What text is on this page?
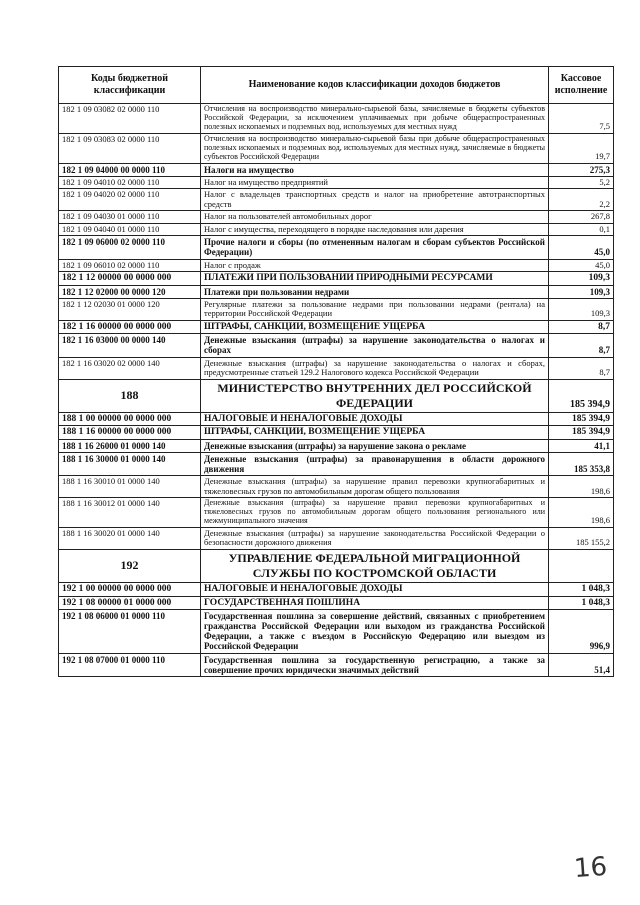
Коды бюджетной классификации	Наименование кодов классификации доходов бюджетов	Кассовое исполнение
182 1 09 03082 02 0000 110	Отчисления на воспроизводство минерально-сырьевой базы, зачисляемые в бюджеты субъектов Российской Федерации, за исключением уплачиваемых при добыче общераспространенных полезных ископаемых и подземных вод, используемых для местных нужд	7,5
182 1 09 03083 02 0000 110	Отчисления на воспроизводство минерально-сырьевой базы при добыче общераспространенных полезных ископаемых и подземных вод, используемых для местных нужд, зачисляемые в бюджеты субъектов Российской Федерации	19,7
182 1 09 04000 00 0000 110	Налоги на имущество	275,3
182 1 09 04010 02 0000 110	Налог на имущество предприятий	5,2
182 1 09 04020 02 0000 110	Налог с владельцев транспортных средств и налог на приобретение автотранспортных средств	2,2
182 1 09 04030 01 0000 110	Налог на пользователей автомобильных дорог	267,8
182 1 09 04040 01 0000 110	Налог с имущества, переходящего в порядке наследования или дарения	0,1
182 1 09 06000 02 0000 110	Прочие налоги и сборы (по отмененным налогам и сборам субъектов Российской Федерации)	45,0
182 1 09 06010 02 0000 110	Налог с продаж	45,0
182 1 12 00000 00 0000 000	ПЛАТЕЖИ ПРИ ПОЛЬЗОВАНИИ ПРИРОДНЫМИ РЕСУРСАМИ	109,3
182 1 12 02000 00 0000 120	Платежи при пользовании недрами	109,3
182 1 12 02030 01 0000 120	Регулярные платежи за пользование недрами при пользовании недрами (рентала) на территории Российской Федерации	109,3
182 1 16 00000 00 0000 000	ШТРАФЫ, САНКЦИИ, ВОЗМЕЩЕНИЕ УЩЕРБА	8,7
182 1 16 03000 00 0000 140	Денежные взыскания (штрафы) за нарушение законодательства о налогах и сборах	8,7
182 1 16 03020 02 0000 140	Денежные взыскания (штрафы) за нарушение законодательства о налогах и сборах, предусмотренные статьей 129.2 Налогового кодекса Российской Федерации	8,7
188	МИНИСТЕРСТВО ВНУТРЕННИХ ДЕЛ РОССИЙСКОЙ ФЕДЕРАЦИИ	185 394,9
188 1 00 00000 00 0000 000	НАЛОГОВЫЕ И НЕНАЛОГОВЫЕ ДОХОДЫ	185 394,9
188 1 16 00000 00 0000 000	ШТРАФЫ, САНКЦИИ, ВОЗМЕЩЕНИЕ УЩЕРБА	185 394,9
188 1 16 26000 01 0000 140	Денежные взыскания (штрафы) за нарушение закона о рекламе	41,1
188 1 16 30000 01 0000 140	Денежные взыскания (штрафы) за правонарушения в области дорожного движения	185 353,8
188 1 16 30010 01 0000 140	Денежные взыскания (штрафы) за нарушение правил перевозки крупногабаритных и тяжеловесных грузов по автомобильным дорогам общего пользования	198,6
188 1 16 30012 01 0000 140	Денежные взыскания (штрафы) за нарушение правил перевозки крупногабаритных и тяжеловесных грузов по автомобильным дорогам общего пользования регионального или межмуниципального значения	198,6
188 1 16 30020 01 0000 140	Денежные взыскания (штрафы) за нарушение законодательства Российской Федерации о безопасности дорожного движения	185 155,2
192	УПРАВЛЕНИЕ ФЕДЕРАЛЬНОЙ МИГРАЦИОННОЙ СЛУЖБЫ ПО КОСТРОМСКОЙ ОБЛАСТИ	
192 1 00 00000 00 0000 000	НАЛОГОВЫЕ И НЕНАЛОГОВЫЕ ДОХОДЫ	1 048,3
192 1 08 00000 01 0000 000	ГОСУДАРСТВЕННАЯ ПОШЛИНА	1 048,3
192 1 08 06000 01 0000 110	Государственная пошлина за совершение действий, связанных с приобретением гражданства Российской Федерации или выходом из гражданства Российской Федерации, а также с въездом в Российскую Федерацию или выездом из Российской Федерации	996,9
192 1 08 07000 01 0000 110	Государственная пошлина за государственную регистрацию, а также за совершение прочих юридически значимых действий	51,4
16
